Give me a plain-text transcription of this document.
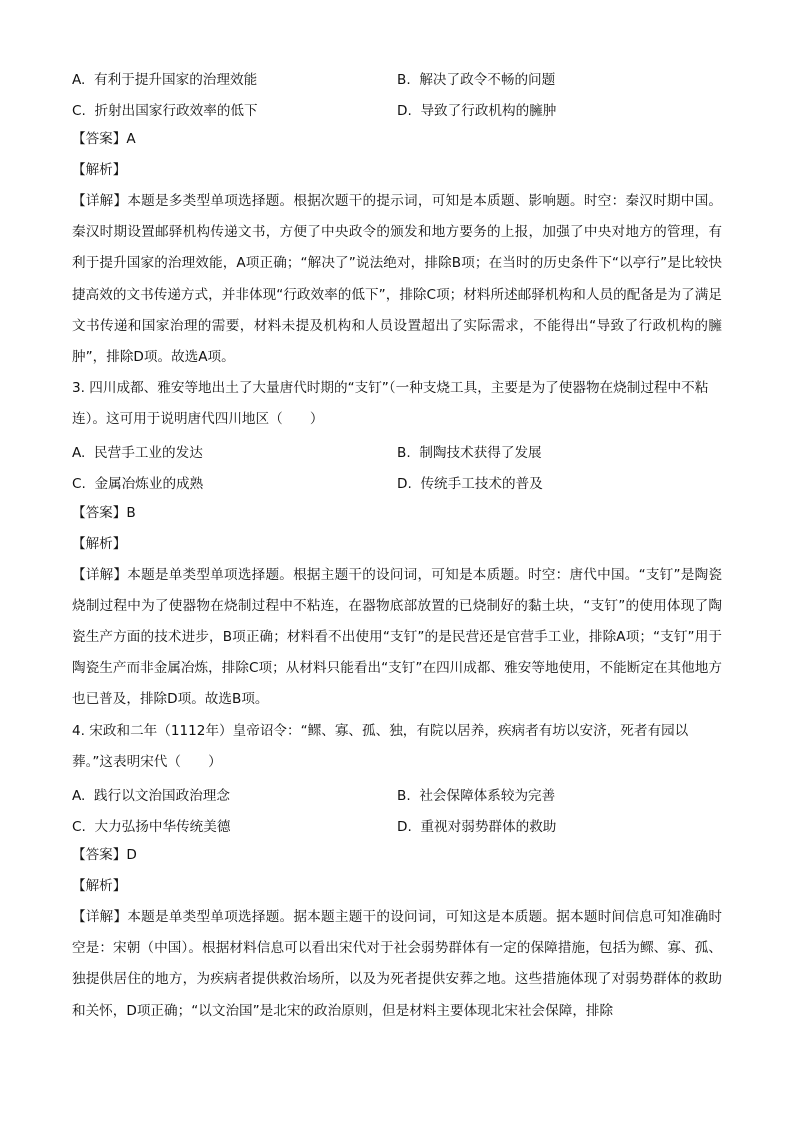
A. 有利于提升国家的治理效能	B. 解决了政令不畅的问题
C. 折射出国家行政效率的低下	D. 导致了行政机构的臃肿
【答案】A
【解析】
【详解】本题是多类型单项选择题。根据次题干的提示词，可知是本质题、影响题。时空：秦汉时期中国。秦汉时期设置邮驿机构传递文书，方便了中央政令的颁发和地方要务的上报，加强了中央对地方的管理，有利于提升国家的治理效能，A项正确；“解决了”说法绝对，排除B项；在当时的历史条件下“以亭行”是比较快捷高效的文书传递方式，并非体现“行政效率的低下”，排除C项；材料所述邮驿机构和人员的配备是为了满足文书传递和国家治理的需要，材料未提及机构和人员设置超出了实际需求，不能得出“导致了行政机构的臃肿”，排除D项。故选A项。
3. 四川成都、雅安等地出土了大量唐代时期的“支钉”（一种支烧工具，主要是为了使器物在烧制过程中不粘连）。这可用于说明唐代四川地区（　　）
A. 民营手工业的发达	B. 制陶技术获得了发展
C. 金属冶炼业的成熟	D. 传统手工技术的普及
【答案】B
【解析】
【详解】本题是单类型单项选择题。根据主题干的设问词，可知是本质题。时空：唐代中国。“支钉”是陶瓷烧制过程中为了使器物在烧制过程中不粘连，在器物底部放置的已烧制好的黏土块，“支钉”的使用体现了陶瓷生产方面的技术进步，B项正确；材料看不出使用“支钉”的是民营还是官营手工业，排除A项；“支钉”用于陶瓷生产而非金属冶炼，排除C项；从材料只能看出“支钉”在四川成都、雅安等地使用，不能断定在其他地方也已普及，排除D项。故选B项。
4. 宋政和二年（1112年）皇帝诏令：“鳏、寡、孤、独，有院以居养，疾病者有坊以安济，死者有园以葬。”这表明宋代（　　）
A. 践行以文治国政治理念	B. 社会保障体系较为完善
C. 大力弘扬中华传统美德	D. 重视对弱势群体的救助
【答案】D
【解析】
【详解】本题是单类型单项选择题。据本题主题干的设问词，可知这是本质题。据本题时间信息可知准确时空是：宋朝（中国）。根据材料信息可以看出宋代对于社会弱势群体有一定的保障措施，包括为鳏、寡、孤、独提供居住的地方，为疾病者提供救治场所，以及为死者提供安葬之地。这些措施体现了对弱势群体的救助和关怀，D项正确；“以文治国”是北宋的政治原则，但是材料主要体现北宋社会保障，排除
